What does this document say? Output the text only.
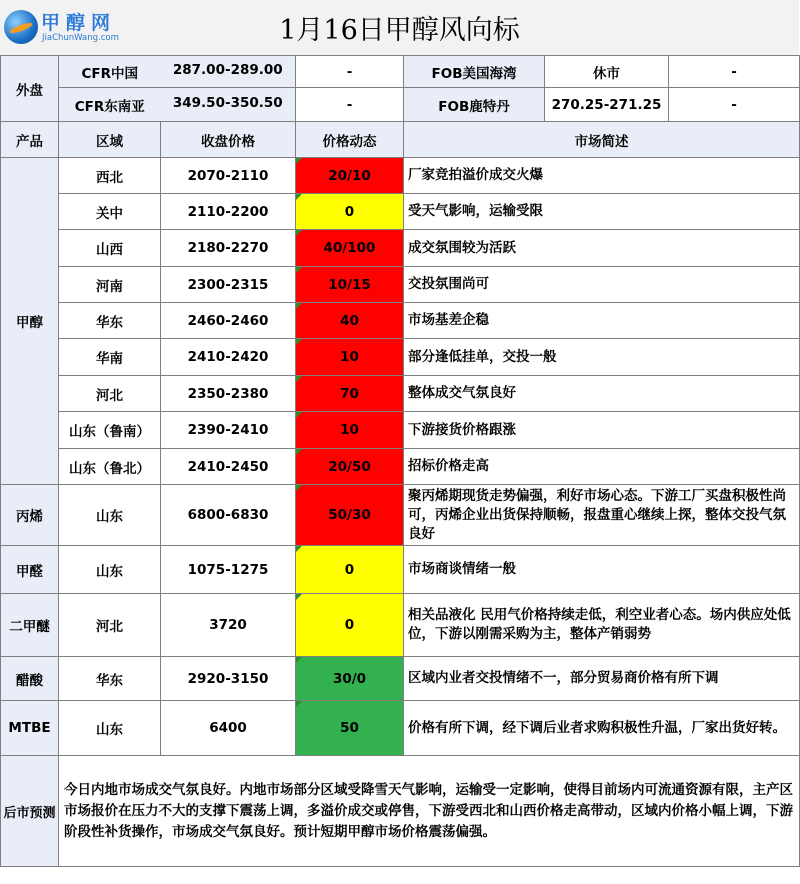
甲醇网
JiaChunWang.com	1月16日甲醇风向标
外盘	CFR中国 287.00-289.00		-	FOB美国海湾	休市	-

	CFR东南亚 349.50-350.50		-	FOB鹿特丹	270.25-271.25	-
产品	区域	收盘价格	价格动态	市场简述		
甲醇	西北	2070-2110	20/10	厂家竞拍溢价成交火爆		
	关中	2110-2200	0	受天气影响，运输受限		
	山西	2180-2270	40/100	成交氛围较为活跃		
	河南	2300-2315	10/15	交投氛围尚可		
	华东	2460-2460	40	市场基差企稳		
	华南	2410-2420	10	部分逢低挂单，交投一般		
	河北	2350-2380	70	整体成交气氛良好		
	山东（鲁南）	2390-2410	10	下游接货价格跟涨		
	山东（鲁北）	2410-2450	20/50	招标价格走高		
丙烯	山东	6800-6830	50/30	聚丙烯期现货走势偏强，利好市场心态。下游工厂买盘积极性尚可，丙烯企业出货保持顺畅，报盘重心继续上探，整体交投气氛良好		
甲醛	山东	1075-1275	0	市场商谈情绪一般		
二甲醚	河北	3720	0	相关品液化 民用气价格持续走低，利空业者心态。场内供应处低位，下游以刚需采购为主，整体产销弱势		
醋酸	华东	2920-3150	30/0	区域内业者交投情绪不一，部分贸易商价格有所下调		
MTBE	山东	6400	50	价格有所下调，经下调后业者求购积极性升温，厂家出货好转。		
后市预测	今日内地市场成交气氛良好。内地市场部分区域受降雪天气影响，运输受一定影响，使得目前场内可流通资源有限，主产区市场报价在压力不大的支撑下震荡上调，多溢价成交或停售，下游受西北和山西价格走高带动，区域内价格小幅上调，下游阶段性补货操作，市场成交气氛良好。预计短期甲醇市场价格震荡偏强。					
